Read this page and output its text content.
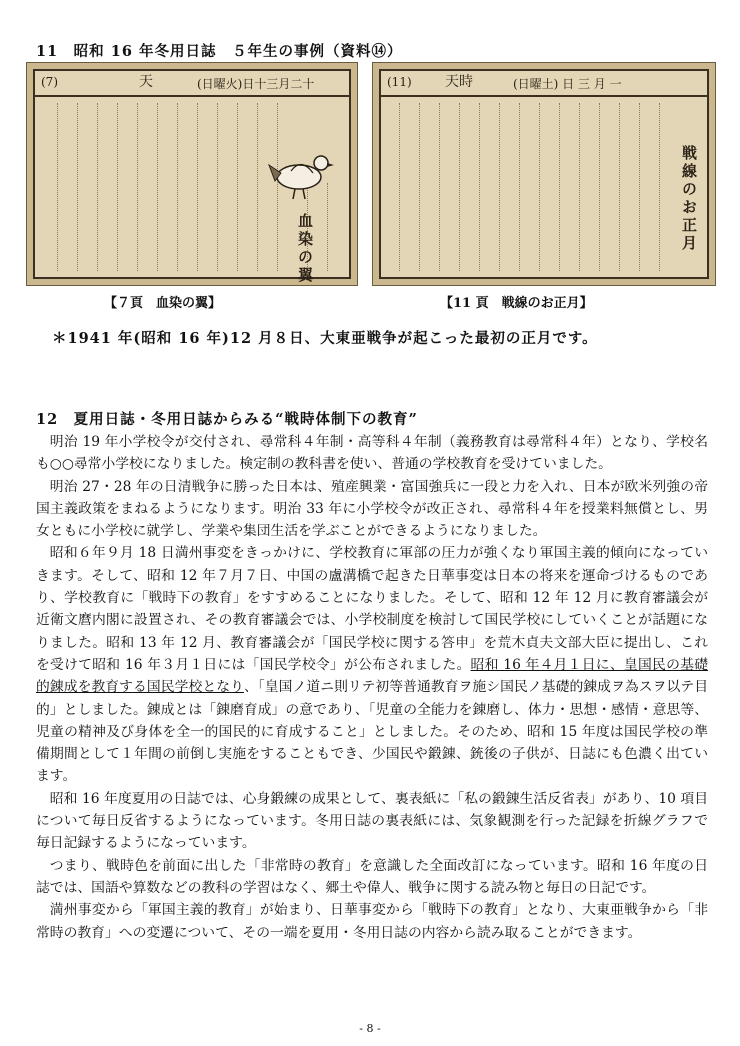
11　昭和 16 年冬用日誌　５年生の事例（資料⑭）
(7)	天	(日曜火)日十三月二十
血染の翼
(11) 天時	(日曜土) 日 三 月 一
戦線のお正月
【７頁　血染の翼】	【11 頁　戦線のお正月】
＊1941 年(昭和 16 年)12 月８日、大東亜戦争が起こった最初の正月です。
12　夏用日誌・冬用日誌からみる“戦時体制下の教育”

明治 19 年小学校令が交付され、尋常科４年制・高等科４年制（義務教育は尋常科４年）となり、学校名も○○尋常小学校になりました。検定制の教科書を使い、普通の学校教育を受けていました。

明治 27・28 年の日清戦争に勝った日本は、殖産興業・富国強兵に一段と力を入れ、日本が欧米列強の帝国主義政策をまねるようになります。明治 33 年に小学校令が改正され、尋常科４年を授業料無償とし、男女ともに小学校に就学し、学業や集団生活を学ぶことができるようになりました。

昭和６年９月 18 日満州事変をきっかけに、学校教育に軍部の圧力が強くなり軍国主義的傾向になっていきます。そして、昭和 12 年７月７日、中国の盧溝橋で起きた日華事変は日本の将来を運命づけるものであり、学校教育に「戦時下の教育」をすすめることになりました。そして、昭和 12 年 12 月に教育審議会が近衛文麿内閣に設置され、その教育審議会では、小学校制度を検討して国民学校にしていくことが話題になりました。昭和 13 年 12 月、教育審議会が「国民学校に関する答申」を荒木貞夫文部大臣に提出し、これを受けて昭和 16 年３月１日には「国民学校令」が公布されました。昭和 16 年４月１日に、皇国民の基礎的錬成を教育する国民学校となり、「皇国ノ道ニ則リテ初等普通教育ヲ施シ国民ノ基礎的錬成ヲ為スヲ以テ目的」としました。錬成とは「錬磨育成」の意であり、「児童の全能力を錬磨し、体力・思想・感情・意思等、児童の精神及び身体を全一的国民的に育成すること」としました。そのため、昭和 15 年度は国民学校の準備期間として１年間の前倒し実施をすることもでき、少国民や鍛錬、銃後の子供が、日誌にも色濃く出ています。

昭和 16 年度夏用の日誌では、心身鍛練の成果として、裏表紙に「私の鍛錬生活反省表」があり、10 項目について毎日反省するようになっています。冬用日誌の裏表紙には、気象観測を行った記録を折線グラフで毎日記録するようになっています。

つまり、戦時色を前面に出した「非常時の教育」を意識した全面改訂になっています。昭和 16 年度の日誌では、国語や算数などの教科の学習はなく、郷土や偉人、戦争に関する読み物と毎日の日記です。

満州事変から「軍国主義的教育」が始まり、日華事変から「戦時下の教育」となり、大東亜戦争から「非常時の教育」への変遷について、その一端を夏用・冬用日誌の内容から読み取ることができます。

- 8 -
